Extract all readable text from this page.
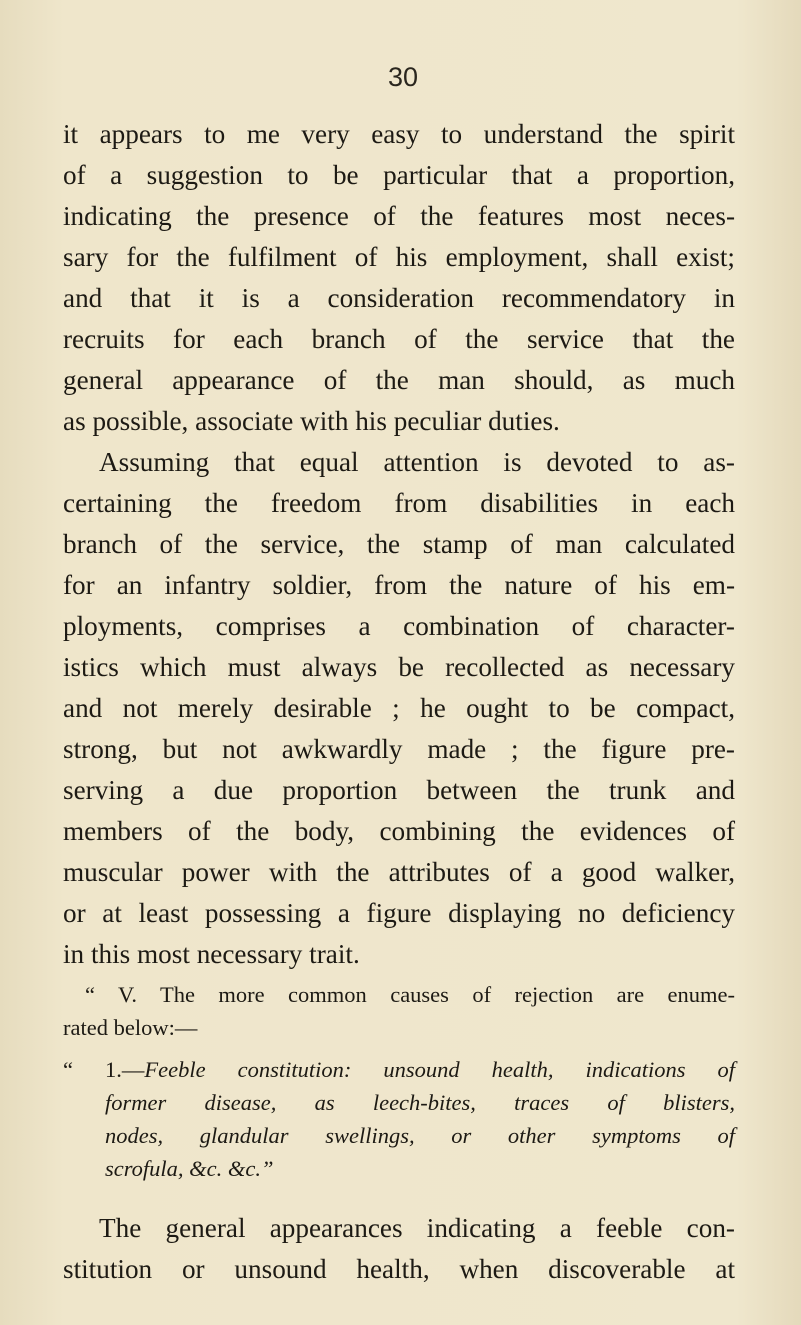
30
it appears to me very easy to understand the spirit
of a suggestion to be particular that a proportion,
indicating the presence of the features most neces-
sary for the fulfilment of his employment, shall exist;
and that it is a consideration recommendatory in
recruits for each branch of the service that the
general appearance of the man should, as much
as possible, associate with his peculiar duties.
Assuming that equal attention is devoted to as-
certaining the freedom from disabilities in each
branch of the service, the stamp of man calculated
for an infantry soldier, from the nature of his em-
ployments, comprises a combination of character-
istics which must always be recollected as necessary
and not merely desirable ; he ought to be compact,
strong, but not awkwardly made ; the figure pre-
serving a due proportion between the trunk and
members of the body, combining the evidences of
muscular power with the attributes of a good walker,
or at least possessing a figure displaying no deficiency
in this most necessary trait.
“ V. The more common causes of rejection are enume-
rated below:—
“ 1.—Feeble constitution: unsound health, indications of
former disease, as leech-bites, traces of blisters,
nodes, glandular swellings, or other symptoms of
scrofula, &c. &c.”
The general appearances indicating a feeble con-
stitution or unsound health, when discoverable at
